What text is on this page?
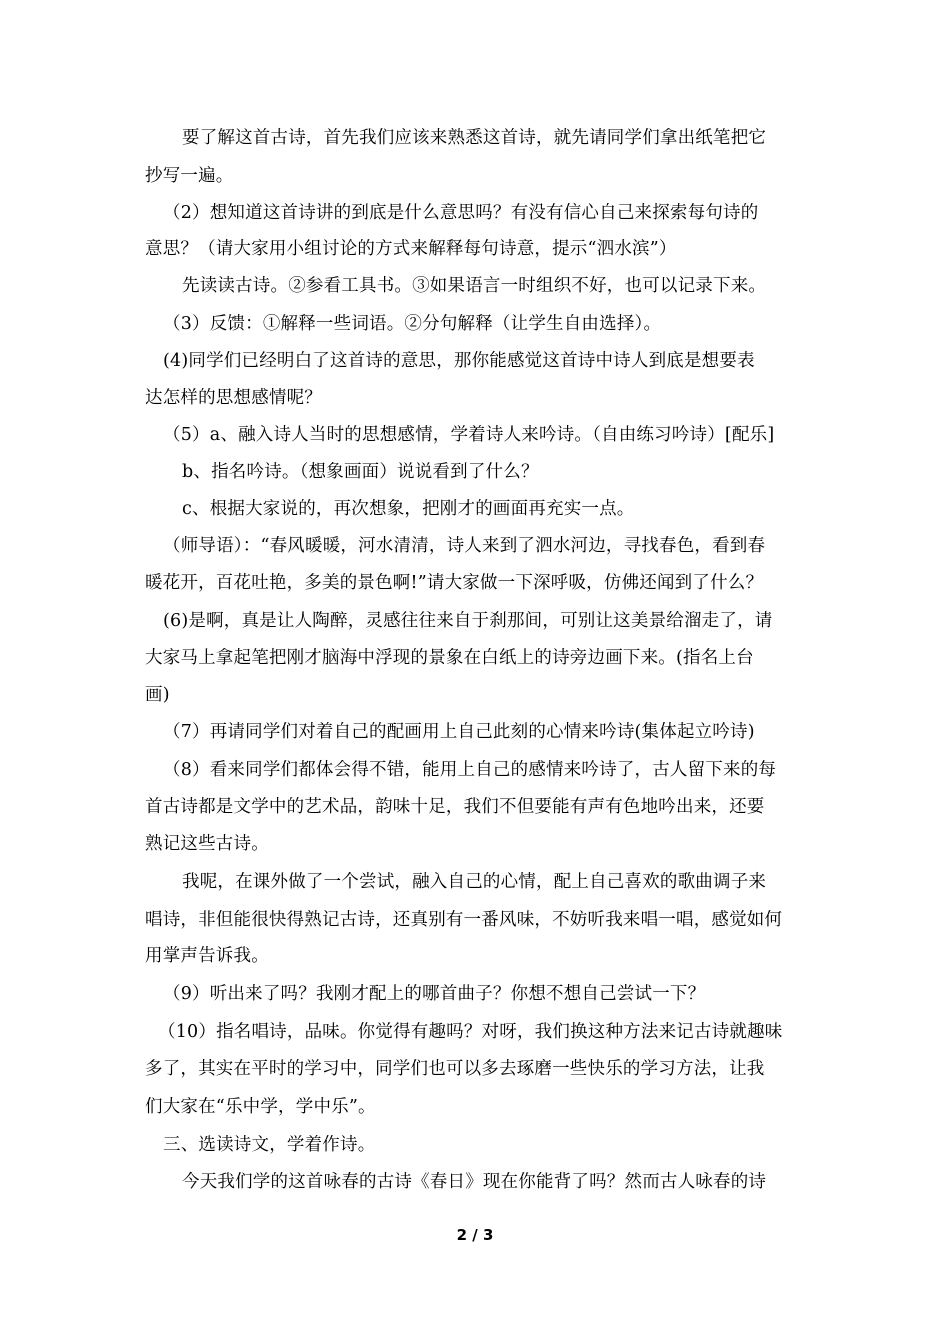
要了解这首古诗，首先我们应该来熟悉这首诗，就先请同学们拿出纸笔把它
抄写一遍。
（2）想知道这首诗讲的到底是什么意思吗？有没有信心自己来探索每句诗的
意思？（请大家用小组讨论的方式来解释每句诗意，提示“泗水滨”）
先读读古诗。②参看工具书。③如果语言一时组织不好，也可以记录下来。
（3）反馈：①解释一些词语。②分句解释（让学生自由选择）。
(4)同学们已经明白了这首诗的意思，那你能感觉这首诗中诗人到底是想要表
达怎样的思想感情呢？
（5）a、融入诗人当时的思想感情，学着诗人来吟诗。（自由练习吟诗）[配乐]
b、指名吟诗。（想象画面）说说看到了什么？
c、根据大家说的，再次想象，把刚才的画面再充实一点。
（师导语）：“春风暖暖，河水清清，诗人来到了泗水河边，寻找春色，看到春
暖花开，百花吐艳，多美的景色啊!”请大家做一下深呼吸，仿佛还闻到了什么？
(6)是啊，真是让人陶醉，灵感往往来自于刹那间，可别让这美景给溜走了，请
大家马上拿起笔把刚才脑海中浮现的景象在白纸上的诗旁边画下来。(指名上台
画)
（7）再请同学们对着自己的配画用上自己此刻的心情来吟诗(集体起立吟诗)
（8）看来同学们都体会得不错，能用上自己的感情来吟诗了，古人留下来的每
首古诗都是文学中的艺术品，韵味十足，我们不但要能有声有色地吟出来，还要
熟记这些古诗。
我呢，在课外做了一个尝试，融入自己的心情，配上自己喜欢的歌曲调子来
唱诗，非但能很快得熟记古诗，还真别有一番风味，不妨听我来唱一唱，感觉如何
用掌声告诉我。
（9）听出来了吗？我刚才配上的哪首曲子？你想不想自己尝试一下？
（10）指名唱诗，品味。你觉得有趣吗？对呀，我们换这种方法来记古诗就趣味
多了，其实在平时的学习中，同学们也可以多去琢磨一些快乐的学习方法，让我
们大家在“乐中学，学中乐”。
三、选读诗文，学着作诗。
今天我们学的这首咏春的古诗《春日》现在你能背了吗？然而古人咏春的诗
2 / 3
